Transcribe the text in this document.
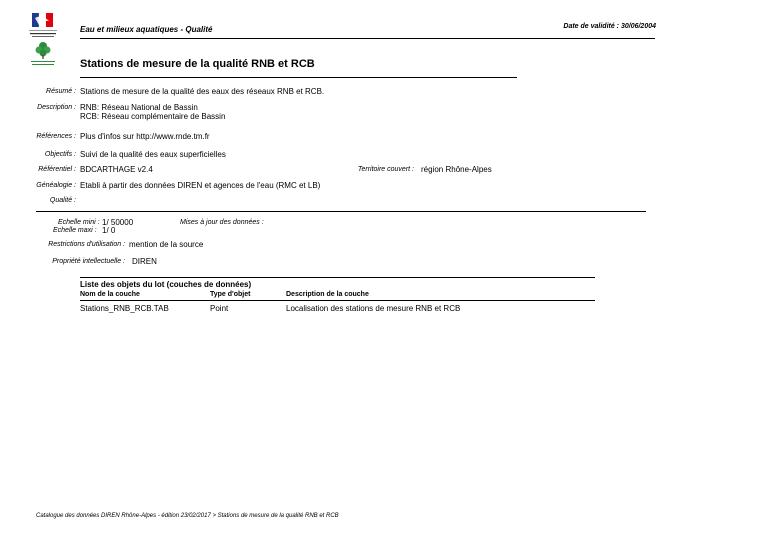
Eau et milieux aquatiques - Qualité	Date de validité : 30/06/2004
Stations de mesure de la qualité RNB et RCB
Résumé : Stations de mesure de la qualité des eaux des réseaux RNB et RCB.
Description : RNB: Réseau National de Bassin
RCB: Réseau complémentaire de Bassin
Références : Plus d'infos sur http://www.rnde.tm.fr
Objectifs : Suivi de la qualité des eaux superficielles
Référentiel : BDCARTHAGE v2.4	Territoire couvert : région Rhône-Alpes
Généalogie : Etabli à partir des données DIREN et agences de l'eau (RMC et LB)
Qualité :
Echelle mini : 1/ 50000
Echelle maxi : 1/ 0
Mises à jour des données :
Restrictions d'utilisation : mention de la source
Propriété intellectuelle : DIREN
Liste des objets du lot (couches de données)
Nom de la couche	Type d'objet	Description de la couche
Stations_RNB_RCB.TAB	Point	Localisation des stations de mesure RNB et RCB
Catalogue des données DIREN Rhône-Alpes - édition 23/02/2017 > Stations de mesure de la qualité RNB et RCB
